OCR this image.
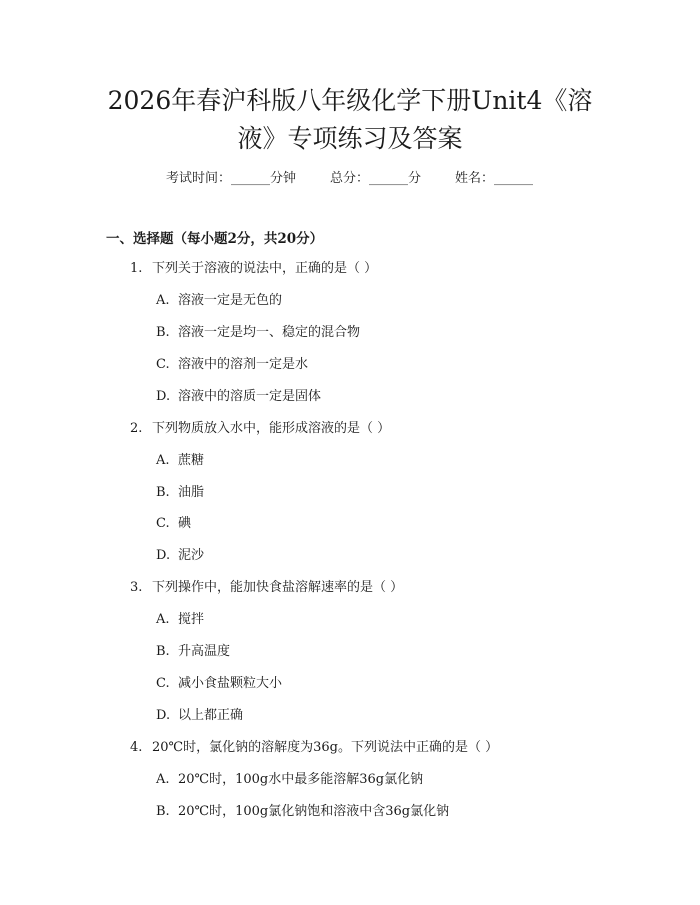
2026年春沪科版八年级化学下册Unit4《溶
液》专项练习及答案
考试时间：______分钟	总分：______分	姓名：______
一、选择题（每小题2分，共20分）
1. 下列关于溶液的说法中，正确的是（ ）
A. 溶液一定是无色的
B. 溶液一定是均一、稳定的混合物
C. 溶液中的溶剂一定是水
D. 溶液中的溶质一定是固体
2. 下列物质放入水中，能形成溶液的是（ ）
A. 蔗糖
B. 油脂
C. 碘
D. 泥沙
3. 下列操作中，能加快食盐溶解速率的是（ ）
A. 搅拌
B. 升高温度
C. 减小食盐颗粒大小
D. 以上都正确
4. 20℃时，氯化钠的溶解度为36g。下列说法中正确的是（ ）
A. 20℃时，100g水中最多能溶解36g氯化钠
B. 20℃时，100g氯化钠饱和溶液中含36g氯化钠
